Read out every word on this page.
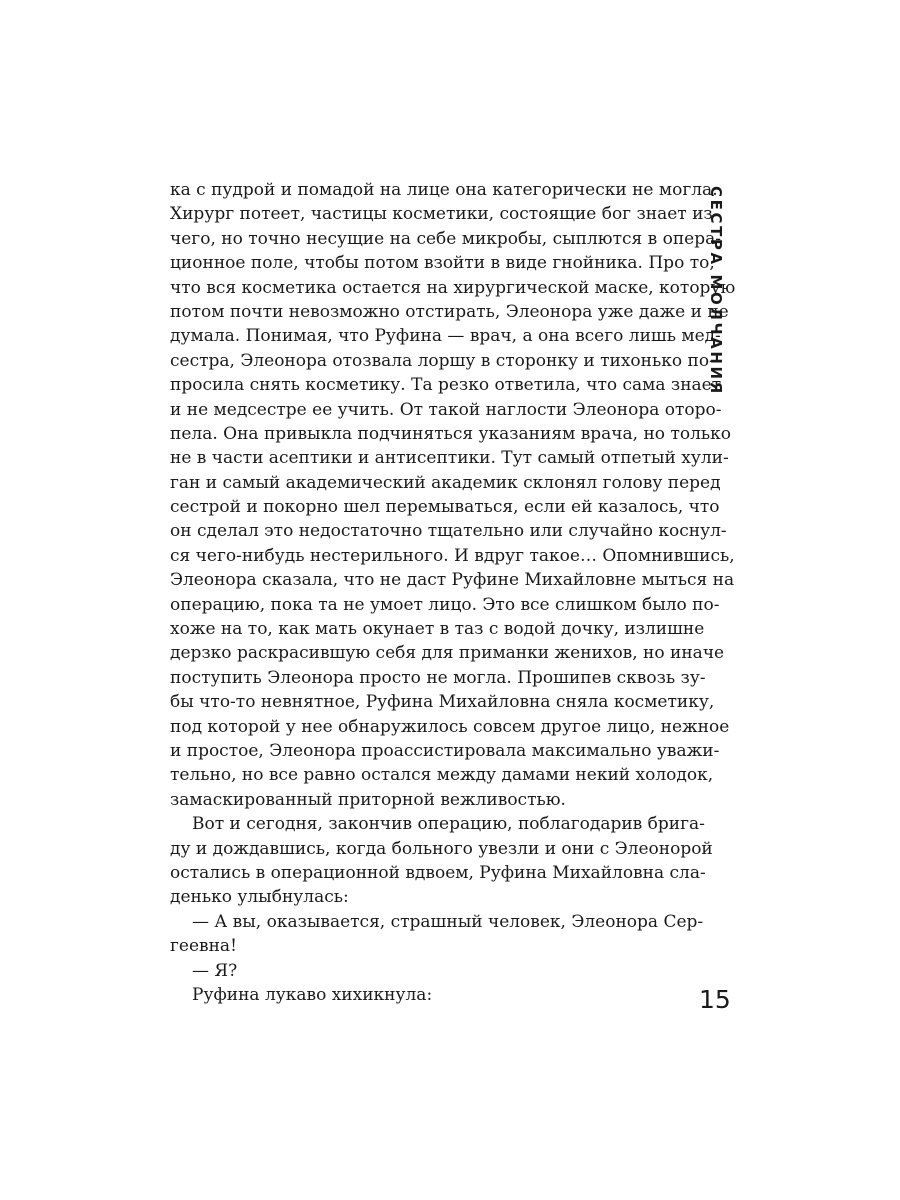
ка с пудрой и помадой на лице она категорически не могла.
Хирург потеет, частицы косметики, состоящие бог знает из
чего, но точно несущие на себе микробы, сыплются в опера-
ционное поле, чтобы потом взойти в виде гнойника. Про то,
что вся косметика остается на хирургической маске, которую
потом почти невозможно отстирать, Элеонора уже даже и не
думала. Понимая, что Руфина — врач, а она всего лишь мед-
сестра, Элеонора отозвала лоршу в сторонку и тихонько по-
просила снять косметику. Та резко ответила, что сама знает
и не медсестре ее учить. От такой наглости Элеонора оторо-
пела. Она привыкла подчиняться указаниям врача, но только
не в части асептики и антисептики. Тут самый отпетый хули-
ган и самый академический академик склонял голову перед
сестрой и покорно шел перемываться, если ей казалось, что
он сделал это недостаточно тщательно или случайно коснул-
ся чего-нибудь нестерильного. И вдруг такое… Опомнившись,
Элеонора сказала, что не даст Руфине Михайловне мыться на
операцию, пока та не умоет лицо. Это все слишком было по-
хоже на то, как мать окунает в таз с водой дочку, излишне
дерзко раскрасившую себя для приманки женихов, но иначе
поступить Элеонора просто не могла. Прошипев сквозь зу-
бы что-то невнятное, Руфина Михайловна сняла косметику,
под которой у нее обнаружилось совсем другое лицо, нежное
и простое, Элеонора проассистировала максимально уважи-
тельно, но все равно остался между дамами некий холодок,
замаскированный приторной вежливостью.
Вот и сегодня, закончив операцию, поблагодарив брига-
ду и дождавшись, когда больного увезли и они с Элеонорой
остались в операционной вдвоем, Руфина Михайловна сла-
денько улыбнулась:
— А вы, оказывается, страшный человек, Элеонора Сер-
геевна!
— Я?
Руфина лукаво хихикнула:
СЕСТРА МОЛЧАНИЯ
15
